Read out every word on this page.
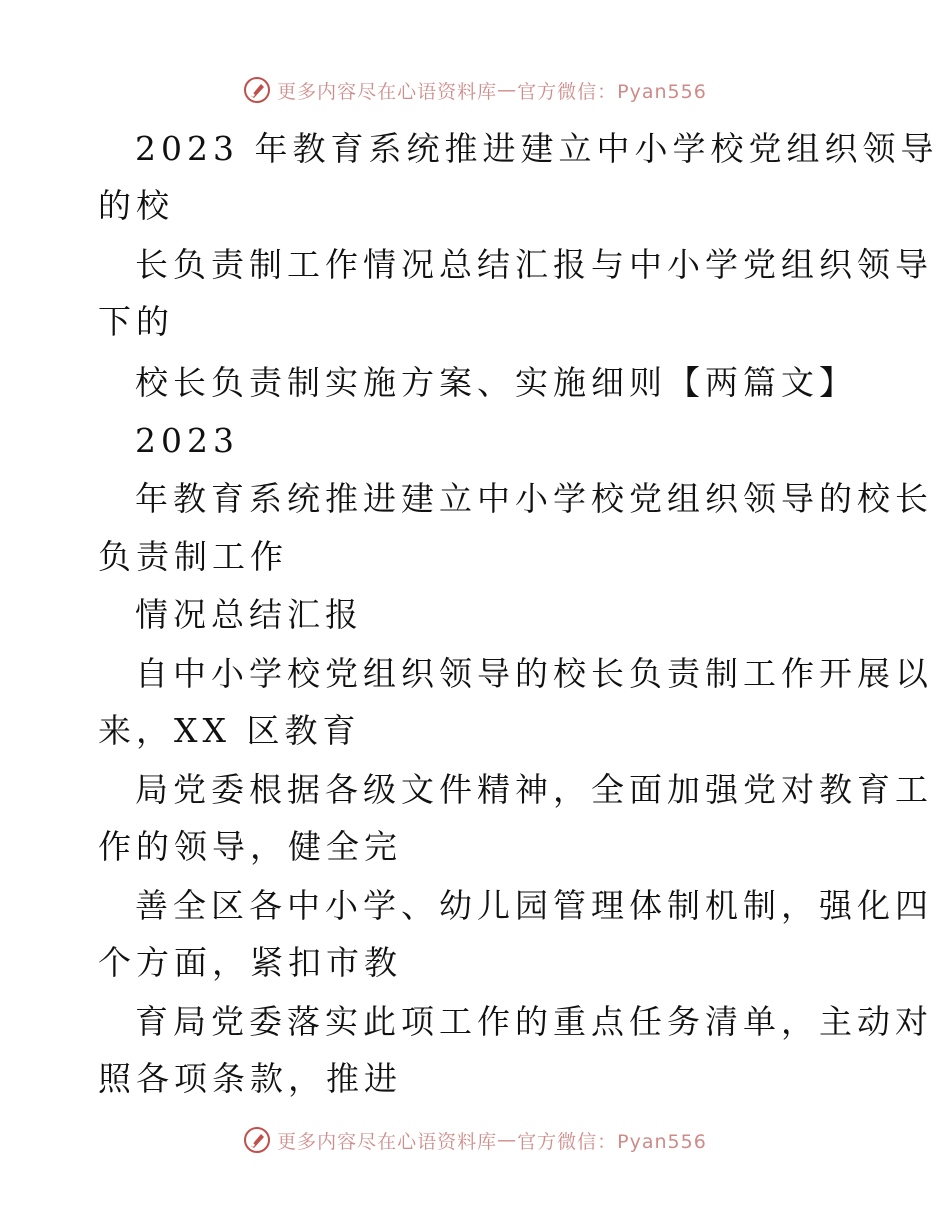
更多内容尽在心语资料库 — 官方微信：Pyan556
2023 年教育系统推进建立中小学校党组织领导
的校
长负责制工作情况总结汇报与中小学党组织领导
下的
校长负责制实施方案、实施细则【两篇文】
2023
年教育系统推进建立中小学校党组织领导的校长
负责制工作
情况总结汇报
自中小学校党组织领导的校长负责制工作开展以
来，XX 区教育
局党委根据各级文件精神，全面加强党对教育工
作的领导，健全完
善全区各中小学、幼儿园管理体制机制，强化四
个方面，紧扣市教
育局党委落实此项工作的重点任务清单，主动对
照各项条款，推进
更多内容尽在心语资料库 — 官方微信：Pyan556
